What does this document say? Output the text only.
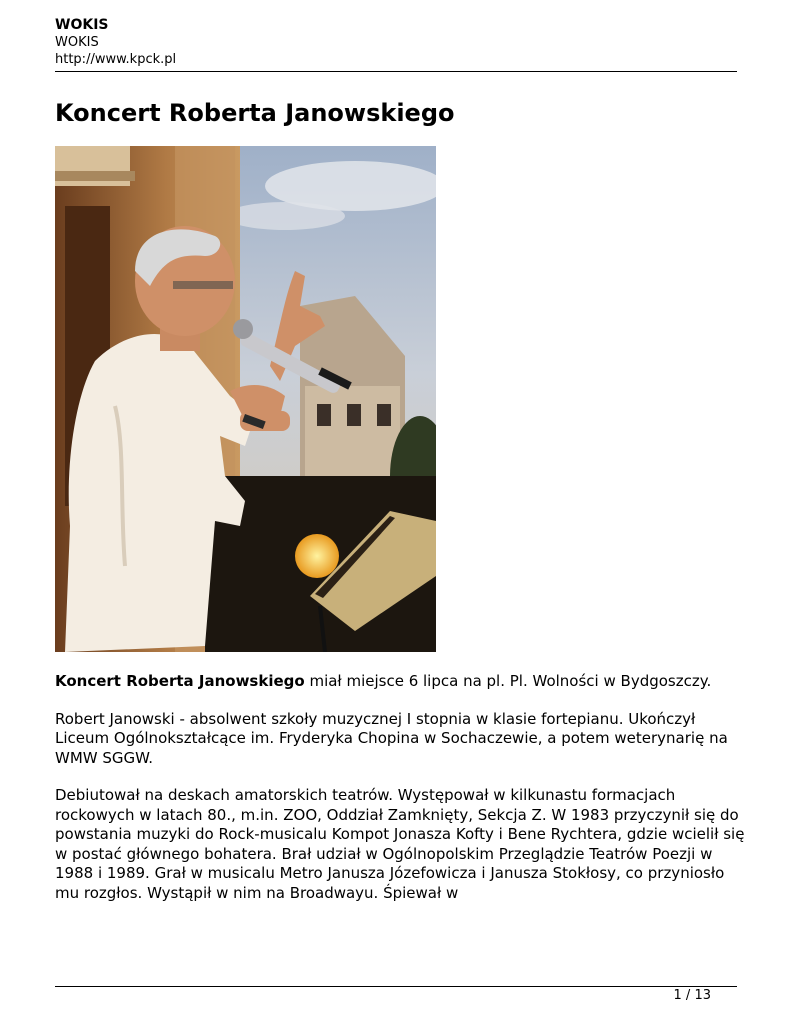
WOKIS
WOKIS
http://www.kpck.pl
Koncert Roberta Janowskiego

Koncert Roberta Janowskiego miał miejsce 6 lipca na pl. Pl. Wolności w Bydgoszczy.

Robert Janowski - absolwent szkoły muzycznej I stopnia w klasie fortepianu. Ukończył Liceum Ogólnokształcące im. Fryderyka Chopina w Sochaczewie, a potem weterynarię na WMW SGGW.

Debiutował na deskach amatorskich teatrów. Występował w kilkunastu formacjach rockowych w latach 80., m.in. ZOO, Oddział Zamknięty, Sekcja Z. W 1983 przyczynił się do powstania muzyki do Rock-musicalu Kompot Jonasza Kofty i Bene Rychtera, gdzie wcielił się w postać głównego bohatera. Brał udział w Ogólnopolskim Przeglądzie Teatrów Poezji w 1988 i 1989. Grał w musicalu Metro Janusza Józefowicza i Janusza Stokłosy, co przyniosło mu rozgłos. Wystąpił w nim na Broadwayu. Śpiewał w

1 / 13
